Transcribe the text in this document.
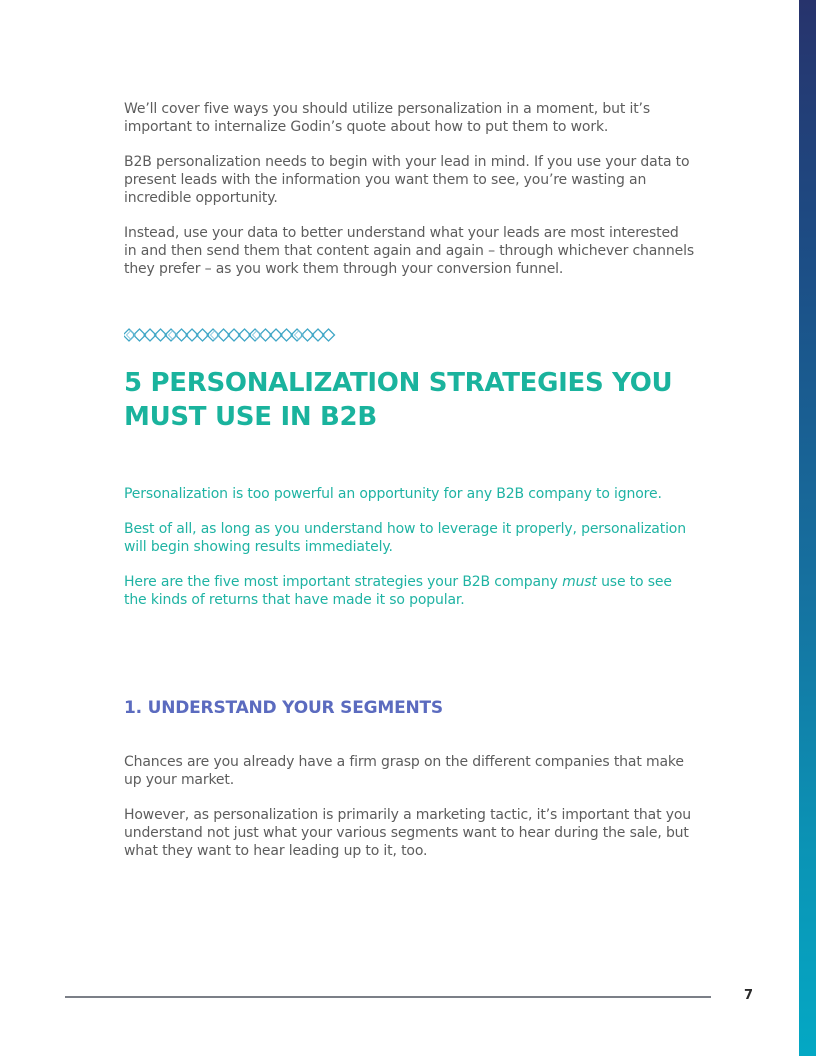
We’ll cover five ways you should utilize personalization in a moment, but it’s important to internalize Godin’s quote about how to put them to work.

B2B personalization needs to begin with your lead in mind. If you use your data to present leads with the information you want them to see, you’re wasting an incredible opportunity.

Instead, use your data to better understand what your leads are most interested in and then send them that content again and again – through whichever channels they prefer – as you work them through your conversion funnel.

5 PERSONALIZATION STRATEGIES YOU
MUST USE IN B2B

Personalization is too powerful an opportunity for any B2B company to ignore.

Best of all, as long as you understand how to leverage it properly, personalization will begin showing results immediately.

Here are the five most important strategies your B2B company must use to see the kinds of returns that have made it so popular.

1. UNDERSTAND YOUR SEGMENTS

Chances are you already have a firm grasp on the different companies that make up your market.

However, as personalization is primarily a marketing tactic, it’s important that you understand not just what your various segments want to hear during the sale, but what they want to hear leading up to it, too.

7
